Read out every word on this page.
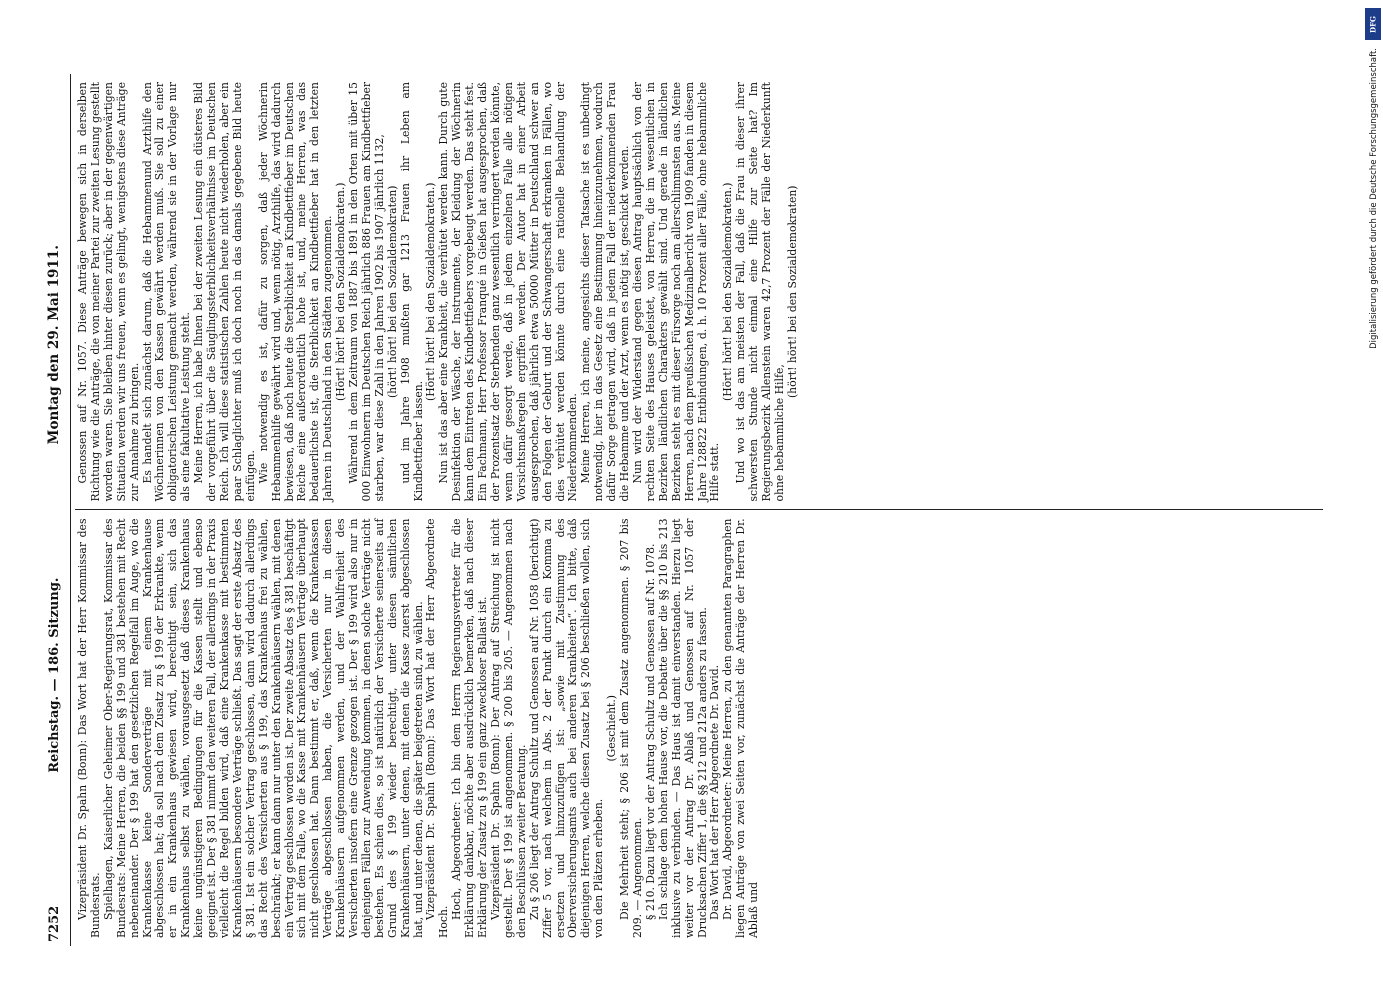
7252
Reichstag. — 186. Sitzung.
Montag den 29. Mai 1911.

Vizepräsident Dr. Spahn (Bonn): Das Wort hat der Herr Kommissar des Bundesrats. Spielhagen, Kaiserlicher Geheimer Ober-Regierungsrat, Kommissar des Bundesrats: Meine Herren, die beiden §§ 199 und 381 bestehen mit Recht nebeneinander. Der § 199 hat den gesetzlichen Regelfall im Auge, wo die Krankenkasse keine Sonderverträge mit einem Krankenhause abgeschlossen hat; da soll nach dem Zusatz zu § 199 der Erkrankte, wenn er in ein Krankenhaus gewiesen wird, berechtigt sein, sich das Krankenhaus selbst zu wählen, vorausgesetzt daß dieses Krankenhaus keine ungünstigeren Bedingungen für die Kassen stellt und ebenso geeignet ist. Der § 381 nimmt den weiteren Fall, der allerdings in der Praxis vielleicht die Regel bilden wird, daß eine Krankenkasse mit bestimmten Krankenhäusern besondere Verträge schließt. Das sagt der erste Absatz des § 381. Ist ein solcher Vertrag geschlossen, dann wird dadurch allerdings das Recht des Versicherten aus § 199, das Krankenhaus frei zu wählen, beschränkt; er kann dann nur unter den Krankenhäusern wählen, mit denen ein Vertrag geschlossen worden ist. Der zweite Absatz des § 381 beschäftigt sich mit dem Falle, wo die Kasse mit Krankenhäusern Verträge überhaupt nicht geschlossen hat. Dann bestimmt er, daß, wenn die Krankenkassen Verträge abgeschlossen haben, die Versicherten nur in diesen Krankenhäusern aufgenommen werden, und der Wahlfreiheit des Versicherten insofern eine Grenze gezogen ist. Der § 199 wird also nur in denjenigen Fällen zur Anwendung kommen, in denen solche Verträge nicht bestehen. Es schien dies, so ist natürlich der Versicherte seinerseits auf Grund des § 199 wieder berechtigt, unter diesen sämtlichen Krankenhäusern, unter denen, mit denen die Kasse zuerst abgeschlossen hat, und unter denen, die später beigetreten sind, zu wählen. Vizepräsident Dr. Spahn (Bonn): Das Wort hat der Herr Abgeordnete Hoch.

Hoch, Abgeordneter: Ich bin dem Herrn Regierungsvertreter für die Erklärung dankbar, möchte aber ausdrücklich bemerken, daß nach dieser Erklärung der Zusatz zu § 199 ein ganz zweckloser Ballast ist. Vizepräsident Dr. Spahn (Bonn): Der Antrag auf Streichung ist nicht gestellt. Der § 199 ist angenommen. § 200 bis 205. — Angenommen nach den Beschlüssen zweiter Beratung. Zu § 206 liegt der Antrag Schultz und Genossen auf Nr. 1058 (berichtigt) Ziffer 5 vor, nach welchem in Abs. 2 der Punkt durch ein Komma zu ersetzen und hinzuzufügen ist: „sowie mit Zustimmung des Oberversicherungsamts auch bei anderen Krankheiten“. Ich bitte, daß diejenigen Herren, welche diesen Zusatz bei § 206 beschließen wollen, sich von den Plätzen erheben.

(Geschieht.) Die Mehrheit steht; § 206 ist mit dem Zusatz angenommen. § 207 bis 209. — Angenommen. § 210. Dazu liegt vor der Antrag Schultz und Genossen auf Nr. 1078. Ich schlage dem hohen Hause vor, die Debatte über die §§ 210 bis 213 inklusive zu verbinden. — Das Haus ist damit einverstanden. Hierzu liegt weiter vor der Antrag Dr. Ablaß und Genossen auf Nr. 1057 der Drucksachen Ziffer 1, die §§ 212 und 212a anders zu fassen. Das Wort hat der Herr Abgeordnete Dr. David. Dr. David, Abgeordneter: Meine Herren, zu den genannten Paragraphen liegen Anträge von zwei Seiten vor, zunächst die Anträge der Herren Dr. Ablaß und

Genossen auf Nr. 1057. Diese Anträge bewegen sich in derselben Richtung wie die Anträge, die von meiner Partei zur zweiten Lesung gestellt worden waren. Sie bleiben hinter diesen zurück; aber in der gegenwärtigen Situation werden wir uns freuen, wenn es gelingt, wenigstens diese Anträge zur Annahme zu bringen. Es handelt sich zunächst darum, daß die Hebammenund Arzthilfe den Wöchnerinnen von den Kassen gewährt werden muß. Sie soll zu einer obligatorischen Leistung gemacht werden, während sie in der Vorlage nur als eine fakultative Leistung steht. Meine Herren, ich habe Ihnen bei der zweiten Lesung ein düsteres Bild der vorgeführt über die Säuglingssterblichkeitsverhältnisse im Deutschen Reich. Ich will diese statistischen Zahlen heute nicht wiederholen, aber ein paar Schlaglichter muß ich doch noch in das damals gegebene Bild heute einfügen. Wie notwendig es ist, dafür zu sorgen, daß jeder Wöchnerin Hebammenhilfe gewährt wird und, wenn nötig, Arzthilfe, das wird dadurch bewiesen, daß noch heute die Sterblichkeit an Kindbettfieber im Deutschen Reiche eine außerordentlich hohe ist, und, meine Herren, was das bedauerlichste ist, die Sterblichkeit an Kindbettfieber hat in den letzten Jahren in Deutschland in den Städten zugenommen. (Hört! hört! bei den Sozialdemokraten.) Während in dem Zeitraum von 1887 bis 1891 in den Orten mit über 15 000 Einwohnern im Deutschen Reich jährlich 886 Frauen am Kindbettfieber starben, war diese Zahl in den Jahren 1902 bis 1907 jährlich 1132, (hört! hört! bei den Sozialdemokraten) und im Jahre 1908 mußten gar 1213 Frauen ihr Leben am Kindbettfieber lassen.

(Hört! hört! bei den Sozialdemokraten.) Nun ist das aber eine Krankheit, die verhütet werden kann. Durch gute Desinfektion der Wäsche, der Instrumente, der Kleidung der Wöchnerin kann dem Eintreten des Kindbettfiebers vorgebeugt werden. Das steht fest. Ein Fachmann, Herr Professor Franqué in Gießen hat ausgesprochen, daß der Prozentsatz der Sterbenden ganz wesentlich verringert werden könnte, wenn dafür gesorgt werde, daß in jedem einzelnen Falle alle nötigen Vorsichtsmaßregeln ergriffen werden. Der Autor hat in einer Arbeit ausgesprochen, daß jährlich etwa 50000 Mütter in Deutschland schwer an den Folgen der Geburt und der Schwangerschaft erkranken in Fällen, wo dies verhütet werden könnte durch eine rationelle Behandlung der Niederkommenden. Meine Herren, ich meine, angesichts dieser Tatsache ist es unbedingt notwendig, hier in das Gesetz eine Bestimmung hineinzunehmen, wodurch dafür Sorge getragen wird, daß in jedem Fall der niederkommenden Frau die Hebamme und der Arzt, wenn es nötig ist, geschickt werden. Nun wird der Widerstand gegen diesen Antrag hauptsächlich von der rechten Seite des Hauses geleistet, von Herren, die im wesentlichen in Bezirken ländlichen Charakters gewählt sind. Und gerade in ländlichen Bezirken steht es mit dieser Fürsorge noch am allerschlimmsten aus. Meine Herren, nach dem preußischen Medizinalbericht von 1909 fanden in diesem Jahre 128822 Entbindungen, d. h. 10 Prozent aller Fälle, ohne hebammliche Hilfe statt.

(Hört! hört! bei den Sozialdemokraten.) Und wo ist das am meisten der Fall, daß die Frau in dieser ihrer schwersten Stunde nicht einmal eine Hilfe zur Seite hat? Im Regierungsbezirk Allenstein waren 42,7 Prozent der Fälle der Niederkunft ohne hebammliche Hilfe,

(hört! hört! bei den Sozialdemokraten)

DFG
Digitalisierung gefördert durch die Deutsche Forschungsgemeinschaft.
